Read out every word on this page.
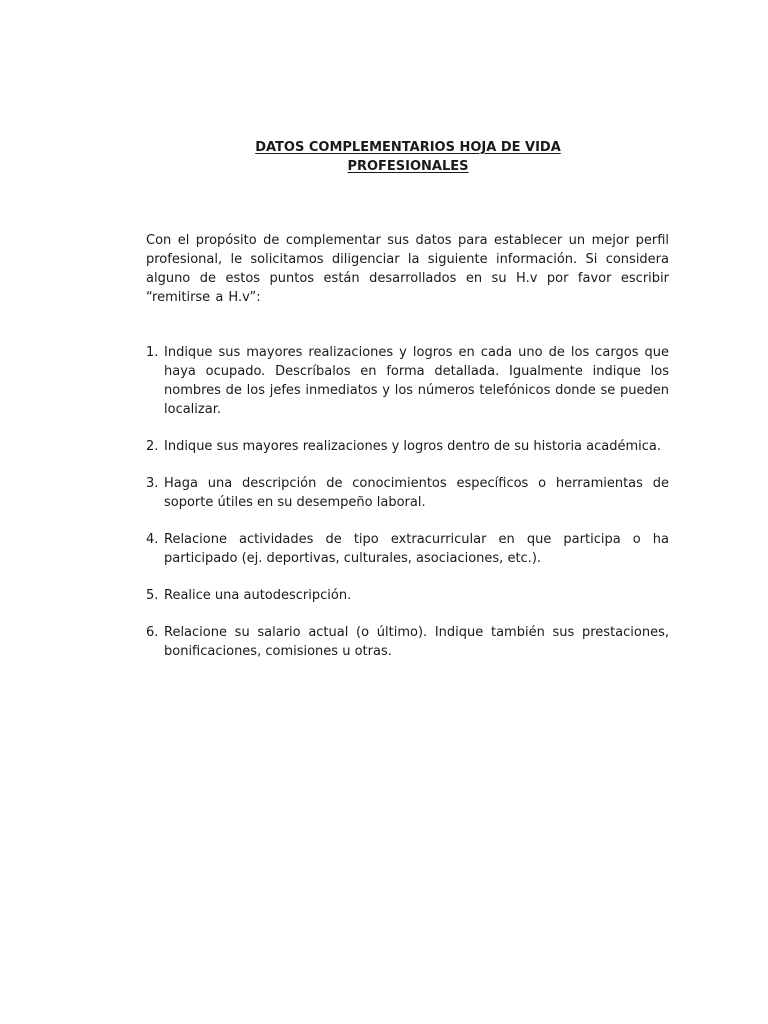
DATOS COMPLEMENTARIOS HOJA DE VIDA
PROFESIONALES

Con el propósito de complementar sus datos para establecer un mejor perfil profesional, le solicitamos diligenciar la siguiente información. Si considera alguno de estos puntos están desarrollados en su H.v por favor escribir “remitirse a H.v”:

1. Indique sus mayores realizaciones y logros en cada uno de los cargos que haya ocupado. Descríbalos en forma detallada. Igualmente indique los nombres de los jefes inmediatos y los números telefónicos donde se pueden localizar.
2. Indique sus mayores realizaciones y logros dentro de su historia académica.
3. Haga una descripción de conocimientos específicos o herramientas de soporte útiles en su desempeño laboral.
4. Relacione actividades de tipo extracurricular en que participa o ha participado (ej. deportivas, culturales, asociaciones, etc.).
5. Realice una autodescripción.
6. Relacione su salario actual (o último). Indique también sus prestaciones, bonificaciones, comisiones u otras.
